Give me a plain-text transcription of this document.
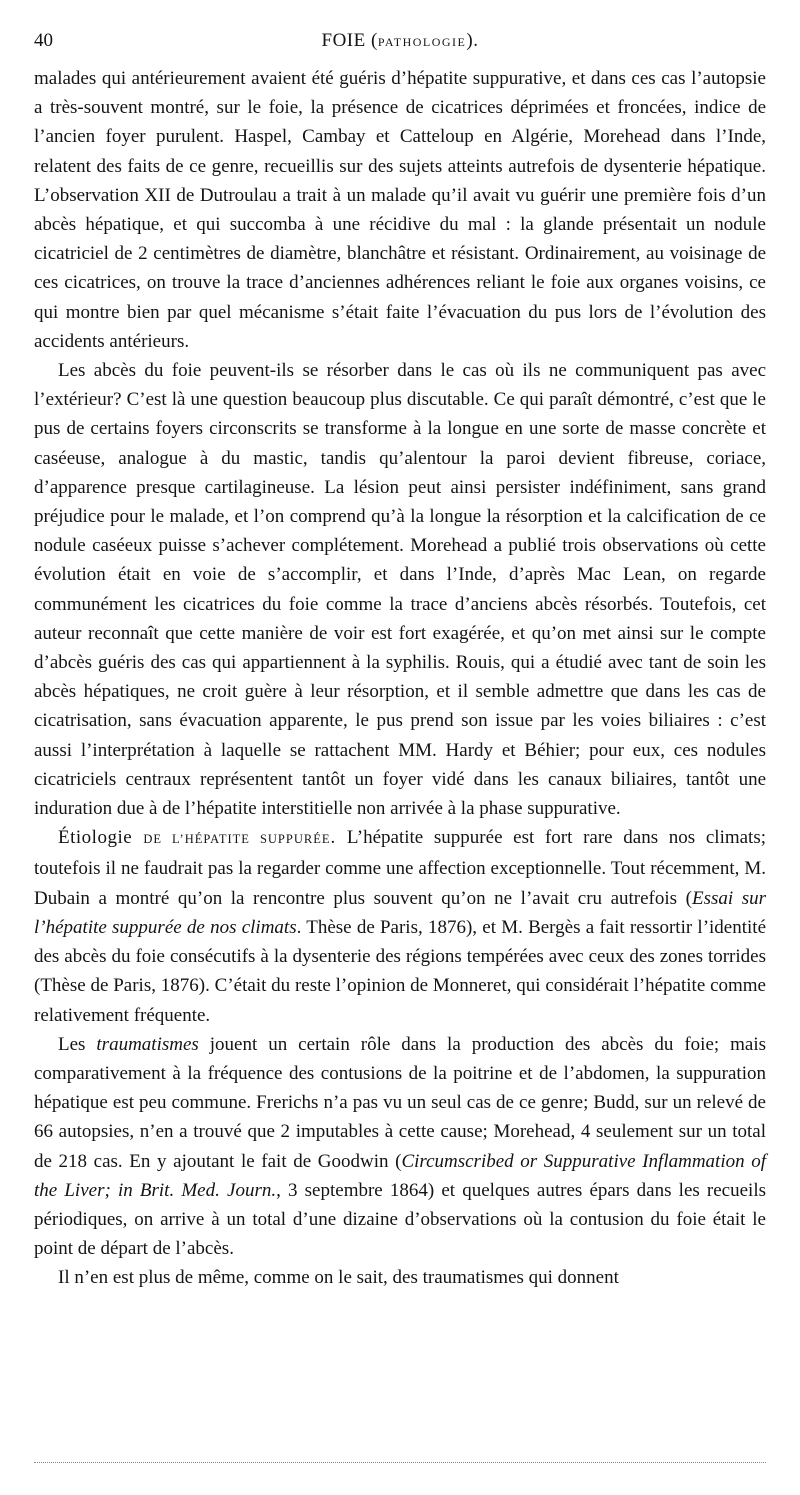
40	FOIE (PATHOLOGIE).

malades qui antérieurement avaient été guéris d’hépatite suppurative, et dans ces cas l’autopsie a très-souvent montré, sur le foie, la présence de cicatrices déprimées et froncées, indice de l’ancien foyer purulent. Haspel, Cambay et Catteloup en Algérie, Morehead dans l’Inde, relatent des faits de ce genre, recueillis sur des sujets atteints autrefois de dysenterie hépatique. L’observation XII de Dutroulau a trait à un malade qu’il avait vu guérir une première fois d’un abcès hépatique, et qui succomba à une récidive du mal : la glande présentait un nodule cicatriciel de 2 centimètres de diamètre, blanchâtre et résistant. Ordinairement, au voisinage de ces cicatrices, on trouve la trace d’anciennes adhérences reliant le foie aux organes voisins, ce qui montre bien par quel mécanisme s’était faite l’évacuation du pus lors de l’évolution des accidents antérieurs.

Les abcès du foie peuvent-ils se résorber dans le cas où ils ne communiquent pas avec l’extérieur? C’est là une question beaucoup plus discutable. Ce qui paraît démontré, c’est que le pus de certains foyers circonscrits se transforme à la longue en une sorte de masse concrète et caséeuse, analogue à du mastic, tandis qu’alentour la paroi devient fibreuse, coriace, d’apparence presque cartilagineuse. La lésion peut ainsi persister indéfiniment, sans grand préjudice pour le malade, et l’on comprend qu’à la longue la résorption et la calcification de ce nodule caséeux puisse s’achever complétement. Morehead a publié trois observations où cette évolution était en voie de s’accomplir, et dans l’Inde, d’après Mac Lean, on regarde communément les cicatrices du foie comme la trace d’anciens abcès résorbés. Toutefois, cet auteur reconnaît que cette manière de voir est fort exagérée, et qu’on met ainsi sur le compte d’abcès guéris des cas qui appartiennent à la syphilis. Rouis, qui a étudié avec tant de soin les abcès hépatiques, ne croit guère à leur résorption, et il semble admettre que dans les cas de cicatrisation, sans évacuation apparente, le pus prend son issue par les voies biliaires : c’est aussi l’interprétation à laquelle se rattachent MM. Hardy et Béhier; pour eux, ces nodules cicatriciels centraux représentent tantôt un foyer vidé dans les canaux biliaires, tantôt une induration due à de l’hépatite interstitielle non arrivée à la phase suppurative.

Étiologie DE L’HÉPATITE SUPPURÉE. L’hépatite suppurée est fort rare dans nos climats; toutefois il ne faudrait pas la regarder comme une affection exceptionnelle. Tout récemment, M. Dubain a montré qu’on la rencontre plus souvent qu’on ne l’avait cru autrefois (Essai sur l’hépatite suppurée de nos climats. Thèse de Paris, 1876), et M. Bergès a fait ressortir l’identité des abcès du foie consécutifs à la dysenterie des régions tempérées avec ceux des zones torrides (Thèse de Paris, 1876). C’était du reste l’opinion de Monneret, qui considérait l’hépatite comme relativement fréquente.

Les traumatismes jouent un certain rôle dans la production des abcès du foie; mais comparativement à la fréquence des contusions de la poitrine et de l’abdomen, la suppuration hépatique est peu commune. Frerichs n’a pas vu un seul cas de ce genre; Budd, sur un relevé de 66 autopsies, n’en a trouvé que 2 imputables à cette cause; Morehead, 4 seulement sur un total de 218 cas. En y ajoutant le fait de Goodwin (Circumscribed or Suppurative Inflammation of the Liver; in Brit. Med. Journ., 3 septembre 1864) et quelques autres épars dans les recueils périodiques, on arrive à un total d’une dizaine d’observations où la contusion du foie était le point de départ de l’abcès.

Il n’en est plus de même, comme on le sait, des traumatismes qui donnent
